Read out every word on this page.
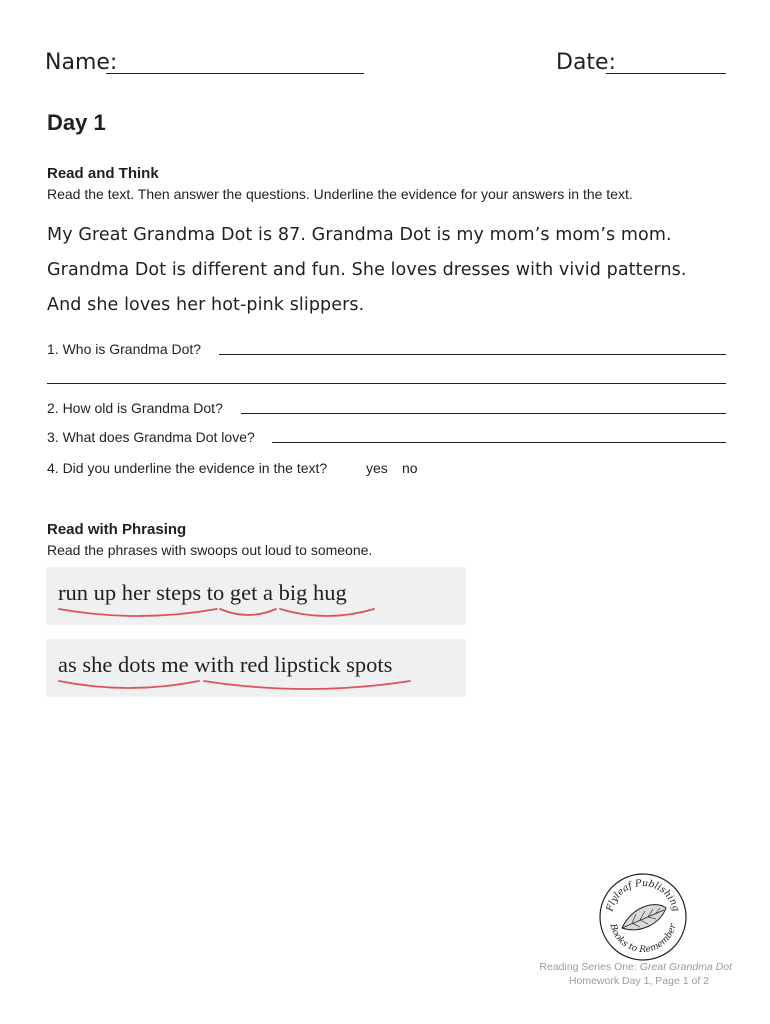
Name:	Date:
Day 1
Read and Think
Read the text. Then answer the questions. Underline the evidence for your answers in the text.
My Great Grandma Dot is 87. Grandma Dot is my mom’s mom’s mom.
Grandma Dot is different and fun. She loves dresses with vivid patterns.
And she loves her hot-pink slippers.
1. Who is Grandma Dot?
2. How old is Grandma Dot?
3. What does Grandma Dot love?
4. Did you underline the evidence in the text?	yes no
Read with Phrasing
Read the phrases with swoops out loud to someone.
run up her steps to get a big hug
as she dots me with red lipstick spots
Flyleaf Publishing
Books to Remember
Reading Series One: Great Grandma Dot
Homework Day 1, Page 1 of 2
